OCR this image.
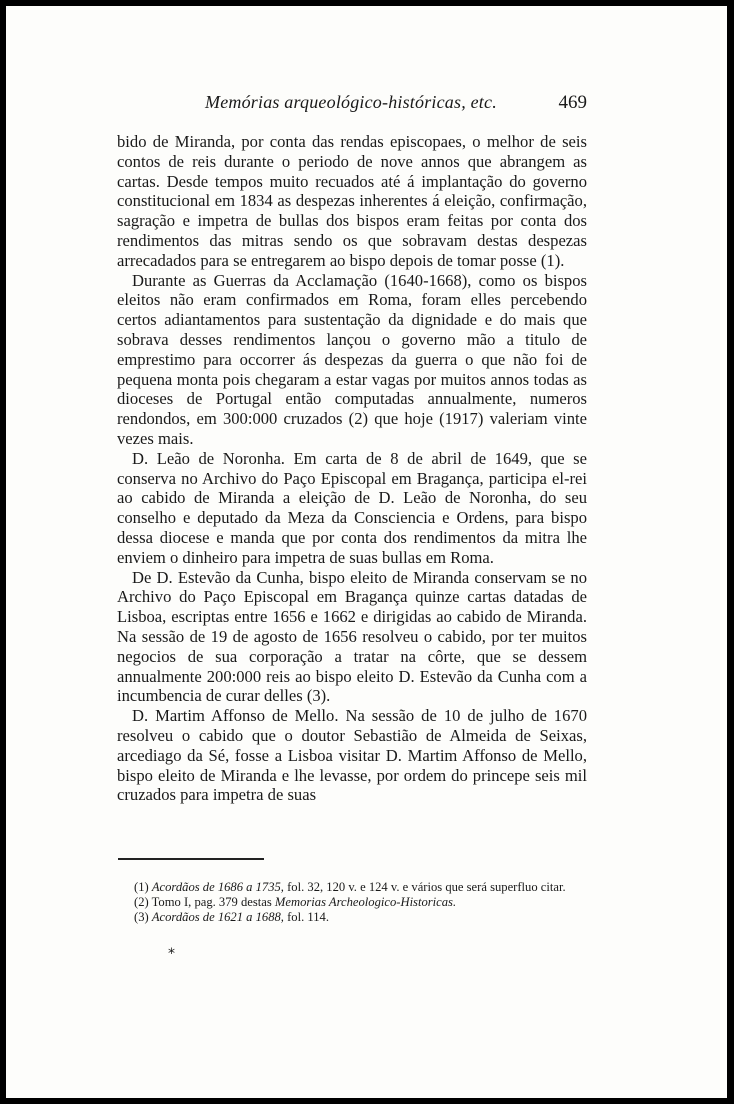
Memórias arqueológico-históricas, etc.	469

bido de Miranda, por conta das rendas episcopaes, o melhor de seis contos de reis durante o periodo de nove annos que abrangem as cartas. Desde tempos muito recuados até á implantação do governo constitucional em 1834 as despezas inherentes á eleição, confirmação, sagração e impetra de bullas dos bispos eram feitas por conta dos rendimentos das mitras sendo os que sobravam destas despezas arrecadados para se entregarem ao bispo depois de tomar posse (1).

Durante as Guerras da Acclamação (1640-1668), como os bispos eleitos não eram confirmados em Roma, foram elles percebendo certos adiantamentos para sustentação da dignidade e do mais que sobrava desses rendimentos lançou o governo mão a titulo de emprestimo para occorrer ás despezas da guerra o que não foi de pequena monta pois chegaram a estar vagas por muitos annos todas as dioceses de Portugal então computadas annualmente, numeros rendondos, em 300:000 cruzados (2) que hoje (1917) valeriam vinte vezes mais.

D. Leão de Noronha. Em carta de 8 de abril de 1649, que se conserva no Archivo do Paço Episcopal em Bragança, participa el-rei ao cabido de Miranda a eleição de D. Leão de Noronha, do seu conselho e deputado da Meza da Consciencia e Ordens, para bispo dessa diocese e manda que por conta dos rendimentos da mitra lhe enviem o dinheiro para impetra de suas bullas em Roma.

De D. Estevão da Cunha, bispo eleito de Miranda conservam se no Archivo do Paço Episcopal em Bragança quinze cartas datadas de Lisboa, escriptas entre 1656 e 1662 e dirigidas ao cabido de Miranda. Na sessão de 19 de agosto de 1656 resolveu o cabido, por ter muitos negocios de sua corporação a tratar na côrte, que se dessem annualmente 200:000 reis ao bispo eleito D. Estevão da Cunha com a incumbencia de curar delles (3).

D. Martim Affonso de Mello. Na sessão de 10 de julho de 1670 resolveu o cabido que o doutor Sebastião de Almeida de Seixas, arcediago da Sé, fosse a Lisboa visitar D. Martim Affonso de Mello, bispo eleito de Miranda e lhe levasse, por ordem do princepe seis mil cruzados para impetra de suas

(1) Acordãos de 1686 a 1735, fol. 32, 120 v. e 124 v. e vários que será superfluo citar.

(2) Tomo I, pag. 379 destas Memorias Archeologico-Historicas.

(3) Acordãos de 1621 a 1688, fol. 114.

*
